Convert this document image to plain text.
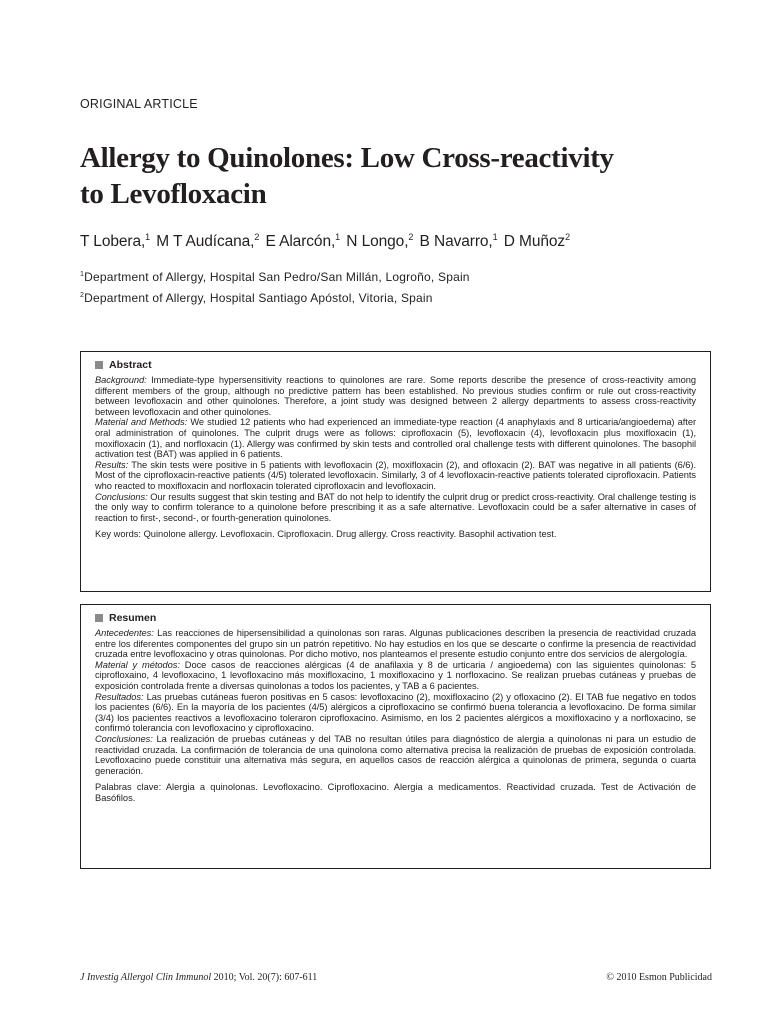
ORIGINAL ARTICLE
Allergy to Quinolones: Low Cross-reactivity
to Levofloxacin
T Lobera,$^1$ M T Audícana,$^2$ E Alarcón,$^1$ N Longo,$^2$ B Navarro,$^1$ D Muñoz$^2$
$^1$Department of Allergy, Hospital San Pedro/San Millán, Logroño, Spain
$^2$Department of Allergy, Hospital Santiago Apóstol, Vitoria, Spain
Abstract

Background: Immediate-type hypersensitivity reactions to quinolones are rare. Some reports describe the presence of cross-reactivity among different members of the group, although no predictive pattern has been established. No previous studies confirm or rule out cross-reactivity between levofloxacin and other quinolones. Therefore, a joint study was designed between 2 allergy departments to assess cross-reactivity between levofloxacin and other quinolones.
Material and Methods: We studied 12 patients who had experienced an immediate-type reaction (4 anaphylaxis and 8 urticaria/angioedema) after oral administration of quinolones. The culprit drugs were as follows: ciprofloxacin (5), levofloxacin (4), levofloxacin plus moxifloxacin (1), moxifloxacin (1), and norfloxacin (1). Allergy was confirmed by skin tests and controlled oral challenge tests with different quinolones. The basophil activation test (BAT) was applied in 6 patients.
Results: The skin tests were positive in 5 patients with levofloxacin (2), moxifloxacin (2), and ofloxacin (2). BAT was negative in all patients (6/6). Most of the ciprofloxacin-reactive patients (4/5) tolerated levofloxacin. Similarly, 3 of 4 levofloxacin-reactive patients tolerated ciprofloxacin. Patients who reacted to moxifloxacin and norfloxacin tolerated ciprofloxacin and levofloxacin.
Conclusions: Our results suggest that skin testing and BAT do not help to identify the culprit drug or predict cross-reactivity. Oral challenge testing is the only way to confirm tolerance to a quinolone before prescribing it as a safe alternative. Levofloxacin could be a safer alternative in cases of reaction to first-, second-, or fourth-generation quinolones.

Key words: Quinolone allergy. Levofloxacin. Ciprofloxacin. Drug allergy. Cross reactivity. Basophil activation test.

Resumen

Antecedentes: Las reacciones de hipersensibilidad a quinolonas son raras. Algunas publicaciones describen la presencia de reactividad cruzada entre los diferentes componentes del grupo sin un patrón repetitivo. No hay estudios en los que se descarte o confirme la presencia de reactividad cruzada entre levofloxacino y otras quinolonas. Por dicho motivo, nos planteamos el presente estudio conjunto entre dos servicios de alergología.
Material y métodos: Doce casos de reacciones alérgicas (4 de anafilaxia y 8 de urticaria / angioedema) con las siguientes quinolonas: 5 ciprofloxaino, 4 levofloxacino, 1 levofloxacino más moxifloxacino, 1 moxifloxacino y 1 norfloxacino. Se realizan pruebas cutáneas y pruebas de exposición controlada frente a diversas quinolonas a todos los pacientes, y TAB a 6 pacientes.
Resultados: Las pruebas cutáneas fueron positivas en 5 casos: levofloxacino (2), moxifloxacino (2) y ofloxacino (2). El TAB fue negativo en todos los pacientes (6/6). En la mayoría de los pacientes (4/5) alérgicos a ciprofloxacino se confirmó buena tolerancia a levofloxacino. De forma similar (3/4) los pacientes reactivos a levofloxacino toleraron ciprofloxacino. Asimismo, en los 2 pacientes alérgicos a moxifloxacino y a norfloxacino, se confirmó tolerancia con levofloxacino y ciprofloxacino.
Conclusiones: La realización de pruebas cutáneas y del TAB no resultan útiles para diagnóstico de alergia a quinolonas ni para un estudio de reactividad cruzada. La confirmación de tolerancia de una quinolona como alternativa precisa la realización de pruebas de exposición controlada. Levofloxacino puede constituir una alternativa más segura, en aquellos casos de reacción alérgica a quinolonas de primera, segunda o cuarta generación.

Palabras clave: Alergia a quinolonas. Levofloxacino. Ciprofloxacino. Alergia a medicamentos. Reactividad cruzada. Test de Activación de Basófilos.

J Investig Allergol Clin Immunol 2010; Vol. 20(7): 607-611	© 2010 Esmon Publicidad
